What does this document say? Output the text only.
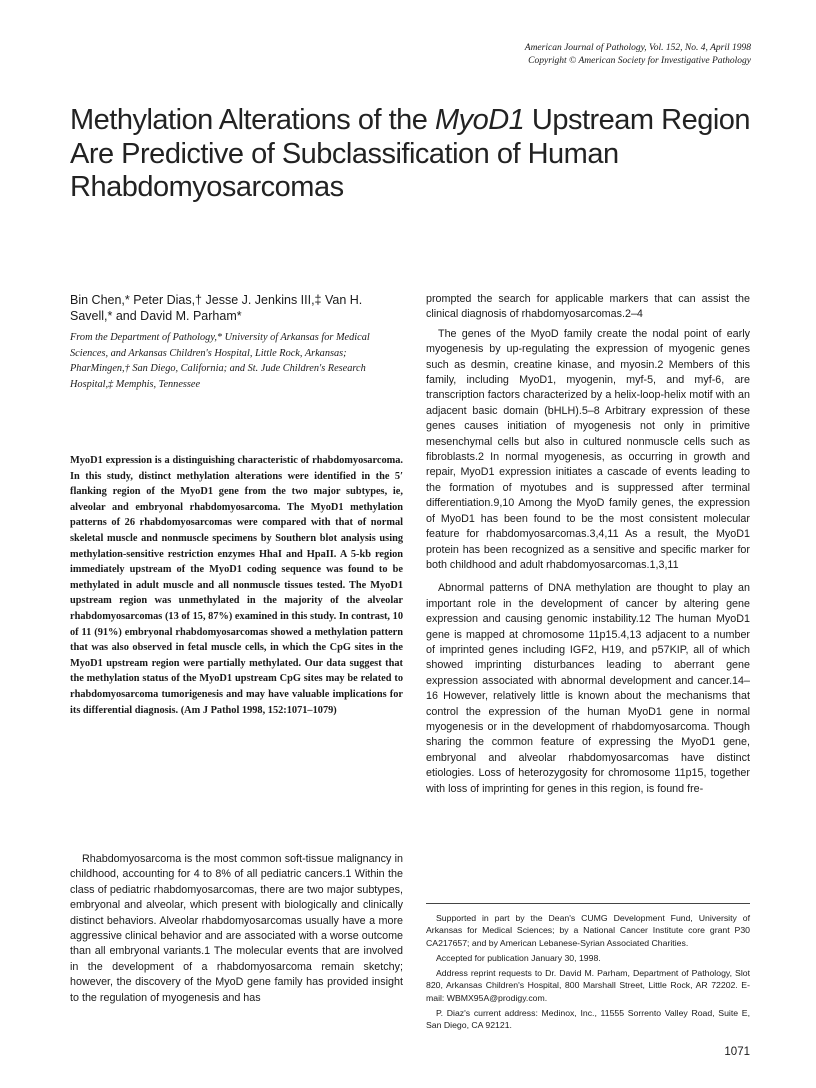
American Journal of Pathology, Vol. 152, No. 4, April 1998
Copyright © American Society for Investigative Pathology
Methylation Alterations of the MyoD1 Upstream Region Are Predictive of Subclassification of Human Rhabdomyosarcomas
Bin Chen,* Peter Dias,† Jesse J. Jenkins III,‡ Van H. Savell,* and David M. Parham*
From the Department of Pathology,* University of Arkansas for Medical Sciences, and Arkansas Children's Hospital, Little Rock, Arkansas; PharMingen,† San Diego, California; and St. Jude Children's Research Hospital,‡ Memphis, Tennessee
MyoD1 expression is a distinguishing characteristic of rhabdomyosarcoma. In this study, distinct methylation alterations were identified in the 5′ flanking region of the MyoD1 gene from the two major subtypes, ie, alveolar and embryonal rhabdomyosarcoma. The MyoD1 methylation patterns of 26 rhabdomyosarcomas were compared with that of normal skeletal muscle and nonmuscle specimens by Southern blot analysis using methylation-sensitive restriction enzymes HhaI and HpaII. A 5-kb region immediately upstream of the MyoD1 coding sequence was found to be methylated in adult muscle and all nonmuscle tissues tested. The MyoD1 upstream region was unmethylated in the majority of the alveolar rhabdomyosarcomas (13 of 15, 87%) examined in this study. In contrast, 10 of 11 (91%) embryonal rhabdomyosarcomas showed a methylation pattern that was also observed in fetal muscle cells, in which the CpG sites in the MyoD1 upstream region were partially methylated. Our data suggest that the methylation status of the MyoD1 upstream CpG sites may be related to rhabdomyosarcoma tumorigenesis and may have valuable implications for its differential diagnosis. (Am J Pathol 1998, 152:1071–1079)

Rhabdomyosarcoma is the most common soft-tissue malignancy in childhood, accounting for 4 to 8% of all pediatric cancers.1 Within the class of pediatric rhabdomyosarcomas, there are two major subtypes, embryonal and alveolar, which present with biologically and clinically distinct behaviors. Alveolar rhabdomyosarcomas usually have a more aggressive clinical behavior and are associated with a worse outcome than all embryonal variants.1 The molecular events that are involved in the development of a rhabdomyosarcoma remain sketchy; however, the discovery of the MyoD gene family has provided insight to the regulation of myogenesis and has

prompted the search for applicable markers that can assist the clinical diagnosis of rhabdomyosarcomas.2–4

The genes of the MyoD family create the nodal point of early myogenesis by up-regulating the expression of myogenic genes such as desmin, creatine kinase, and myosin.2 Members of this family, including MyoD1, myogenin, myf-5, and myf-6, are transcription factors characterized by a helix-loop-helix motif with an adjacent basic domain (bHLH).5–8 Arbitrary expression of these genes causes initiation of myogenesis not only in primitive mesenchymal cells but also in cultured nonmuscle cells such as fibroblasts.2 In normal myogenesis, as occurring in growth and repair, MyoD1 expression initiates a cascade of events leading to the formation of myotubes and is suppressed after terminal differentiation.9,10 Among the MyoD family genes, the expression of MyoD1 has been found to be the most consistent molecular feature for rhabdomyosarcomas.3,4,11 As a result, the MyoD1 protein has been recognized as a sensitive and specific marker for both childhood and adult rhabdomyosarcomas.1,3,11

Abnormal patterns of DNA methylation are thought to play an important role in the development of cancer by altering gene expression and causing genomic instability.12 The human MyoD1 gene is mapped at chromosome 11p15.4,13 adjacent to a number of imprinted genes including IGF2, H19, and p57KIP, all of which showed imprinting disturbances leading to aberrant gene expression associated with abnormal development and cancer.14–16 However, relatively little is known about the mechanisms that control the expression of the human MyoD1 gene in normal myogenesis or in the development of rhabdomyosarcoma. Though sharing the common feature of expressing the MyoD1 gene, embryonal and alveolar rhabdomyosarcomas have distinct etiologies. Loss of heterozygosity for chromosome 11p15, together with loss of imprinting for genes in this region, is found fre-

Supported in part by the Dean's CUMG Development Fund, University of Arkansas for Medical Sciences; by a National Cancer Institute core grant P30 CA217657; and by American Lebanese-Syrian Associated Charities.

Accepted for publication January 30, 1998.

Address reprint requests to Dr. David M. Parham, Department of Pathology, Slot 820, Arkansas Children's Hospital, 800 Marshall Street, Little Rock, AR 72202. E-mail: WBMX95A@prodigy.com.

P. Diaz's current address: Medinox, Inc., 11555 Sorrento Valley Road, Suite E, San Diego, CA 92121.

1071
